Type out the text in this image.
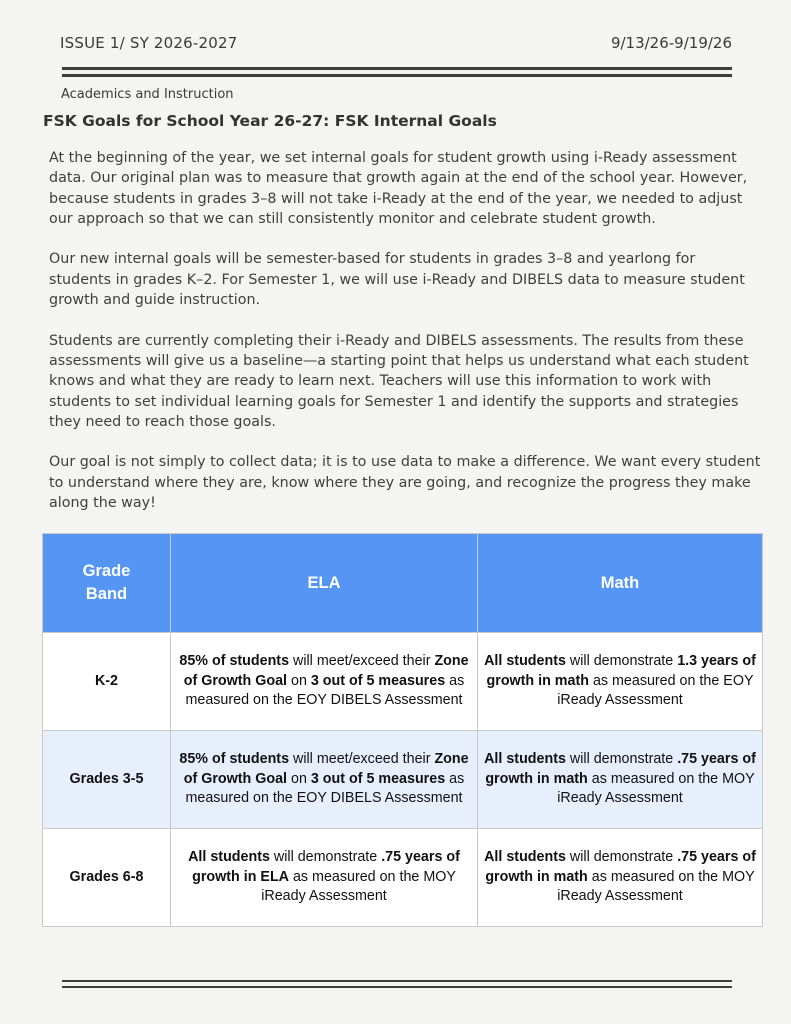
ISSUE 1/ SY 2026-2027	9/13/26-9/19/26
Academics and Instruction
FSK Goals for School Year 26-27: FSK Internal Goals

At the beginning of the year, we set internal goals for student growth using i-Ready assessment data. Our original plan was to measure that growth again at the end of the school year. However, because students in grades 3–8 will not take i-Ready at the end of the year, we needed to adjust our approach so that we can still consistently monitor and celebrate student growth.

Our new internal goals will be semester-based for students in grades 3–8 and yearlong for students in grades K–2. For Semester 1, we will use i-Ready and DIBELS data to measure student growth and guide instruction.

Students are currently completing their i-Ready and DIBELS assessments. The results from these assessments will give us a baseline—a starting point that helps us understand what each student knows and what they are ready to learn next. Teachers will use this information to work with students to set individual learning goals for Semester 1 and identify the supports and strategies they need to reach those goals.

Our goal is not simply to collect data; it is to use data to make a difference. We want every student to understand where they are, know where they are going, and recognize the progress they make along the way!

Grade Band	ELA	Math
K-2	85% of students will meet/exceed their Zone of Growth Goal on 3 out of 5 measures as measured on the EOY DIBELS Assessment	All students will demonstrate 1.3 years of growth in math as measured on the EOY iReady Assessment
Grades 3-5	85% of students will meet/exceed their Zone of Growth Goal on 3 out of 5 measures as measured on the EOY DIBELS Assessment	All students will demonstrate .75 years of growth in math as measured on the MOY iReady Assessment
Grades 6-8	All students will demonstrate .75 years of growth in ELA as measured on the MOY iReady Assessment	All students will demonstrate .75 years of growth in math as measured on the MOY iReady Assessment
